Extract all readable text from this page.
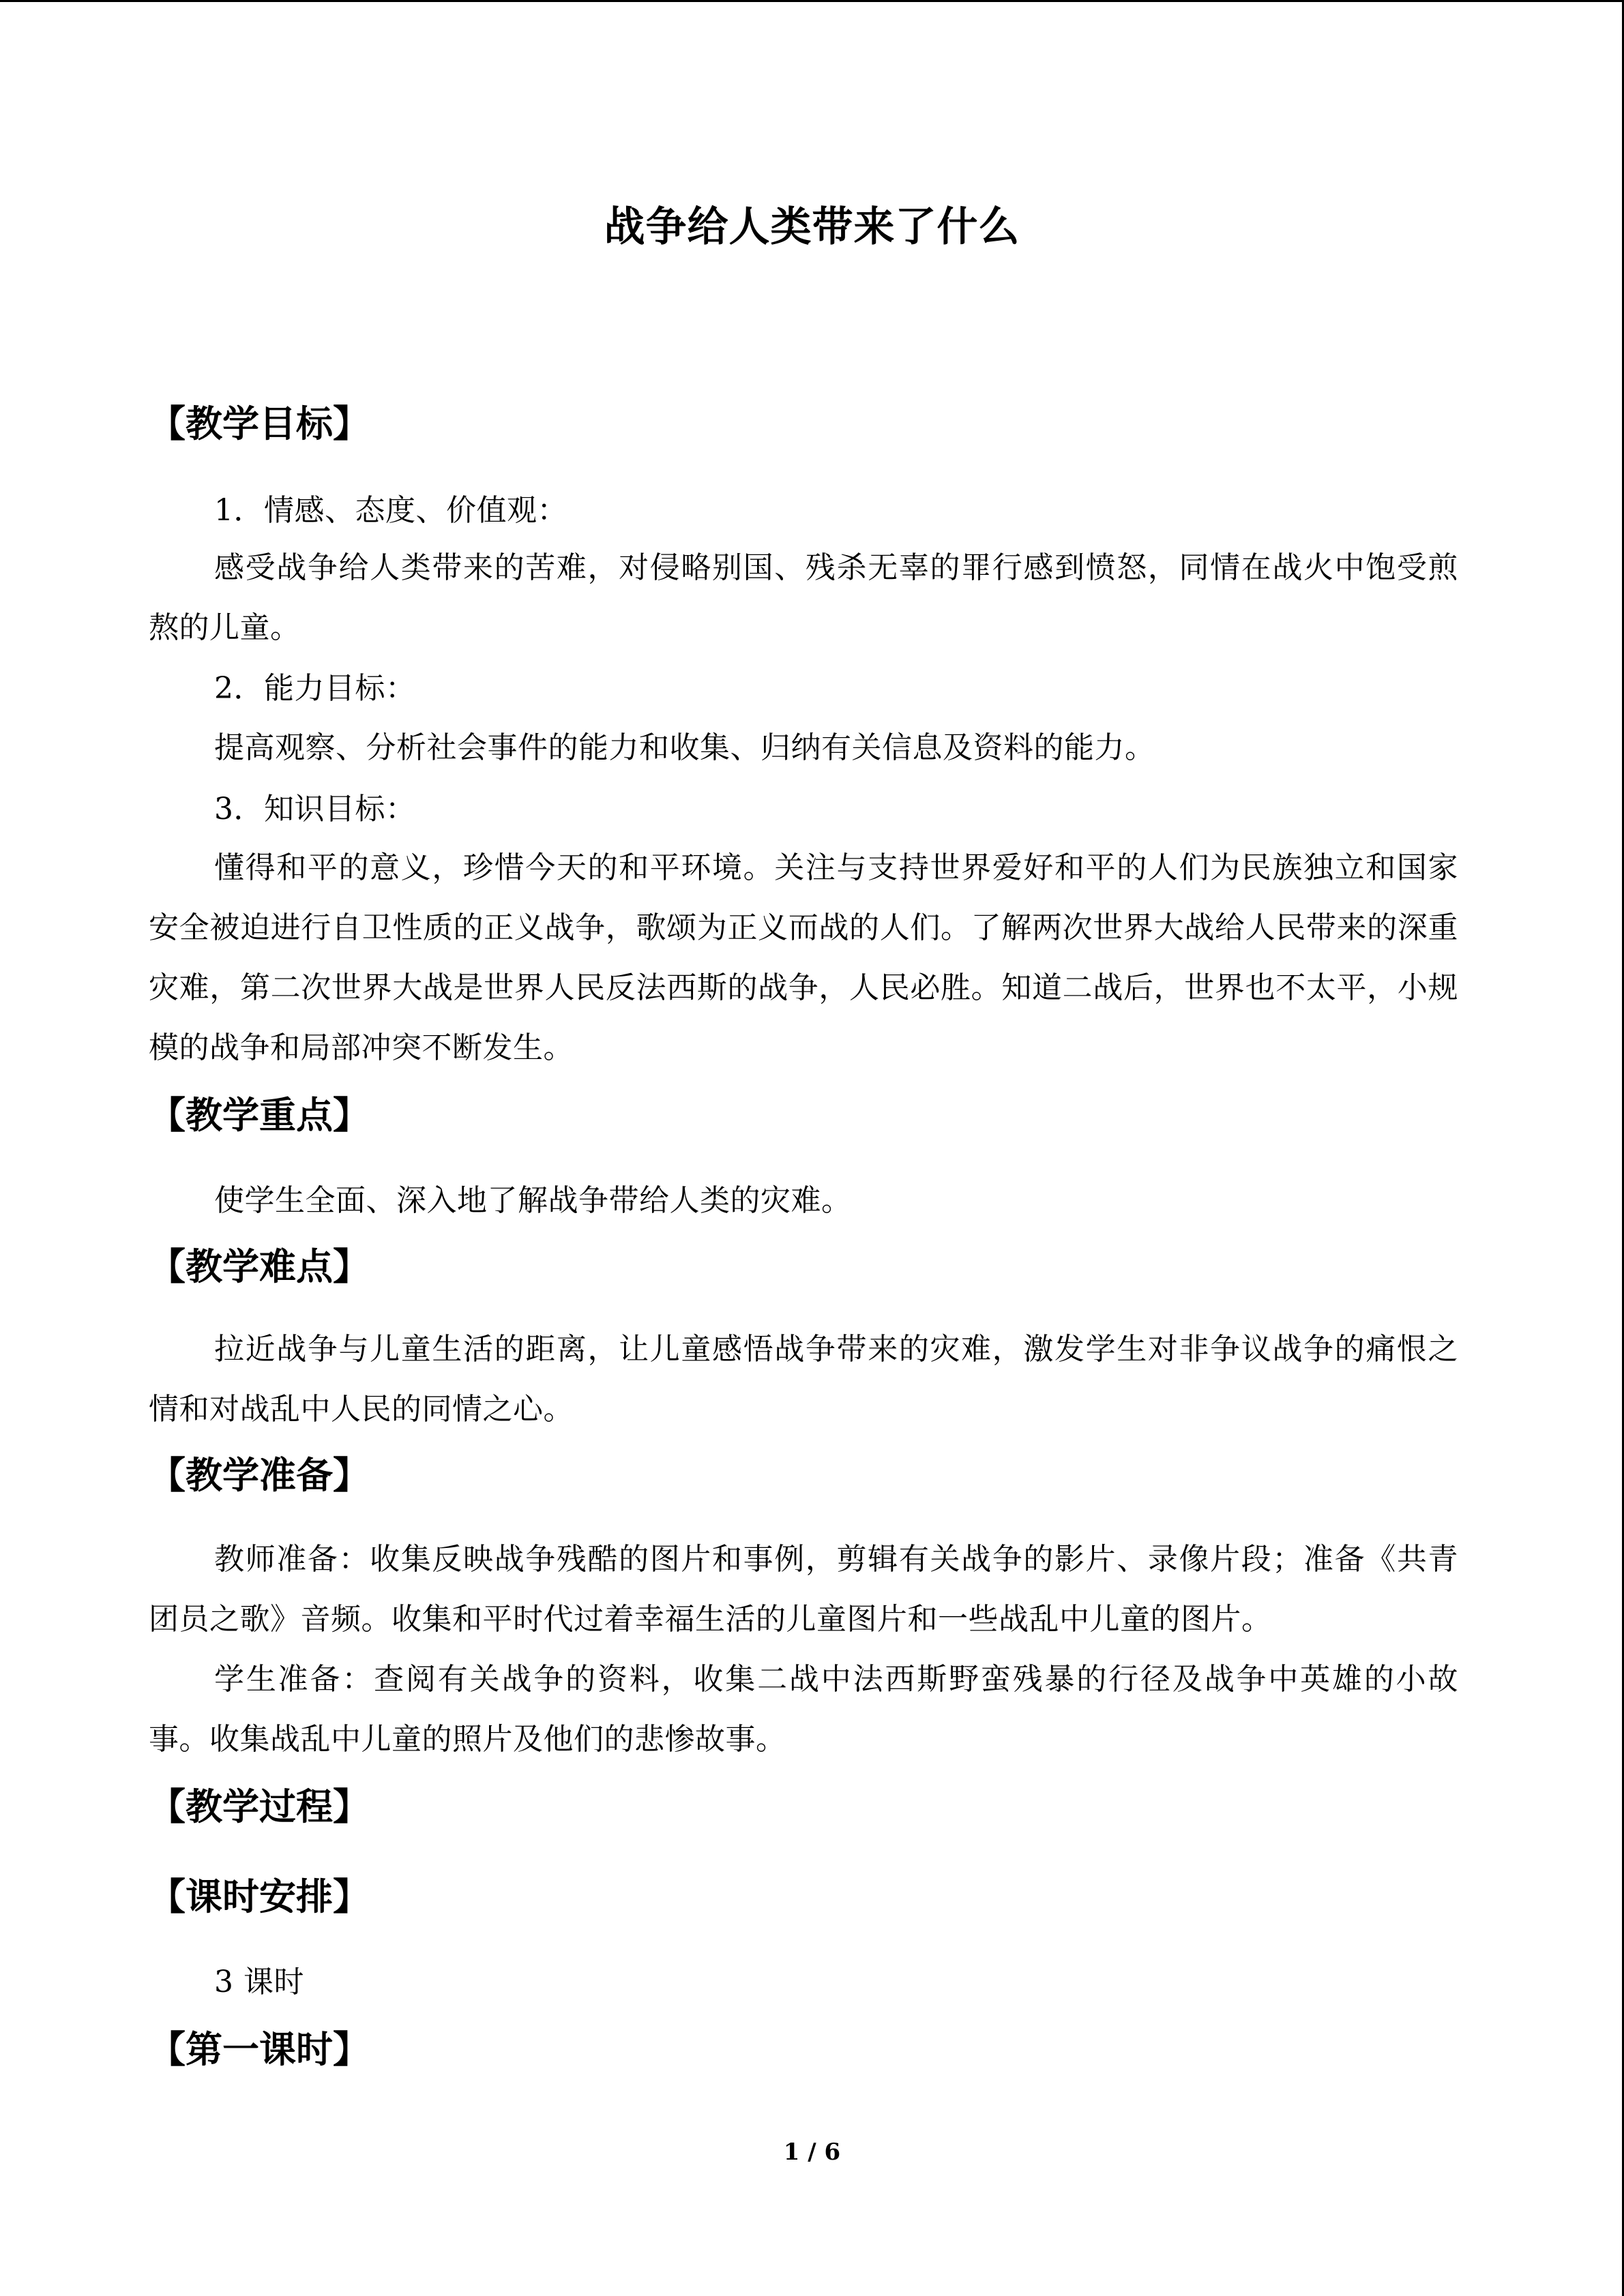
战争给人类带来了什么
【教学目标】
1．情感、态度、价值观：

感受战争给人类带来的苦难，对侵略别国、残杀无辜的罪行感到愤怒，同情在战火中饱受煎熬的儿童。

2．能力目标：

提高观察、分析社会事件的能力和收集、归纳有关信息及资料的能力。

3．知识目标：

懂得和平的意义，珍惜今天的和平环境。关注与支持世界爱好和平的人们为民族独立和国家安全被迫进行自卫性质的正义战争，歌颂为正义而战的人们。了解两次世界大战给人民带来的深重灾难，第二次世界大战是世界人民反法西斯的战争，人民必胜。知道二战后，世界也不太平，小规模的战争和局部冲突不断发生。

【教学重点】

使学生全面、深入地了解战争带给人类的灾难。

【教学难点】

拉近战争与儿童生活的距离，让儿童感悟战争带来的灾难，激发学生对非争议战争的痛恨之情和对战乱中人民的同情之心。

【教学准备】

教师准备：收集反映战争残酷的图片和事例，剪辑有关战争的影片、录像片段；准备《共青团员之歌》音频。收集和平时代过着幸福生活的儿童图片和一些战乱中儿童的图片。

学生准备：查阅有关战争的资料，收集二战中法西斯野蛮残暴的行径及战争中英雄的小故事。收集战乱中儿童的照片及他们的悲惨故事。

【教学过程】
【课时安排】
3 课时
【第一课时】
1 / 6
